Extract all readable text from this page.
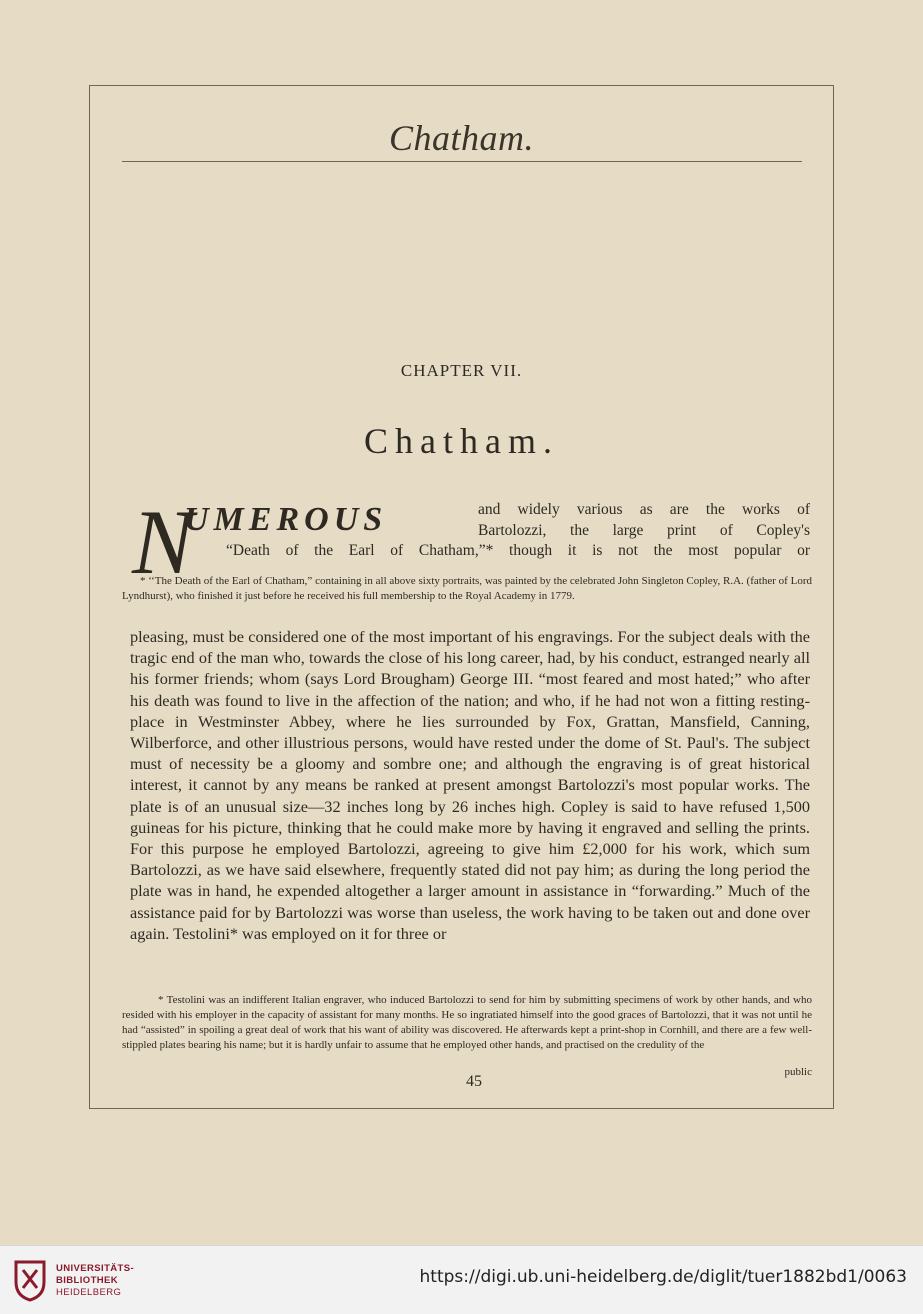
Chatham.
CHAPTER VII.
Chatham.
N
UMEROUS	and widely various as are the works of
Bartolozzi, the large print of Copley's
“Death of the Earl of Chatham,”* though it is not the most popular or
* ‘‘The Death of the Earl of Chatham,” containing in all above sixty portraits, was painted by the celebrated John Singleton Copley, R.A. (father of Lord Lyndhurst), who finished it just before he received his full membership to the Royal Academy in 1779.

pleasing, must be considered one of the most important of his engravings. For the subject deals with the tragic end of the man who, towards the close of his long career, had, by his conduct, estranged nearly all his former friends; whom (says Lord Brougham) George III. “most feared and most hated;” who after his death was found to live in the affection of the nation; and who, if he had not won a fitting resting-place in Westminster Abbey, where he lies surrounded by Fox, Grattan, Mansfield, Canning, Wilberforce, and other illustrious persons, would have rested under the dome of St. Paul's. The subject must of necessity be a gloomy and sombre one; and although the engraving is of great historical interest, it cannot by any means be ranked at present amongst Bartolozzi's most popular works. The plate is of an unusual size—32 inches long by 26 inches high. Copley is said to have refused 1,500 guineas for his picture, thinking that he could make more by having it engraved and selling the prints. For this purpose he employed Bartolozzi, agreeing to give him £2,000 for his work, which sum Bartolozzi, as we have said elsewhere, frequently stated did not pay him; as during the long period the plate was in hand, he expended altogether a larger amount in assistance in “forwarding.” Much of the assistance paid for by Bartolozzi was worse than useless, the work having to be taken out and done over again. Testolini* was employed on it for three or

* Testolini was an indifferent Italian engraver, who induced Bartolozzi to send for him by submitting specimens of work by other hands, and who resided with his employer in the capacity of assistant for many months. He so ingratiated himself into the good graces of Bartolozzi, that it was not until he had “assisted” in spoiling a great deal of work that his want of ability was discovered. He afterwards kept a print-shop in Cornhill, and there are a few well-stippled plates bearing his name; but it is hardly unfair to assume that he employed other hands, and practised on the credulity of the
public
45
UNIVERSITÄTS-
BIBLIOTHEK
HEIDELBERG
https://digi.ub.uni-heidelberg.de/diglit/tuer1882bd1/0063
